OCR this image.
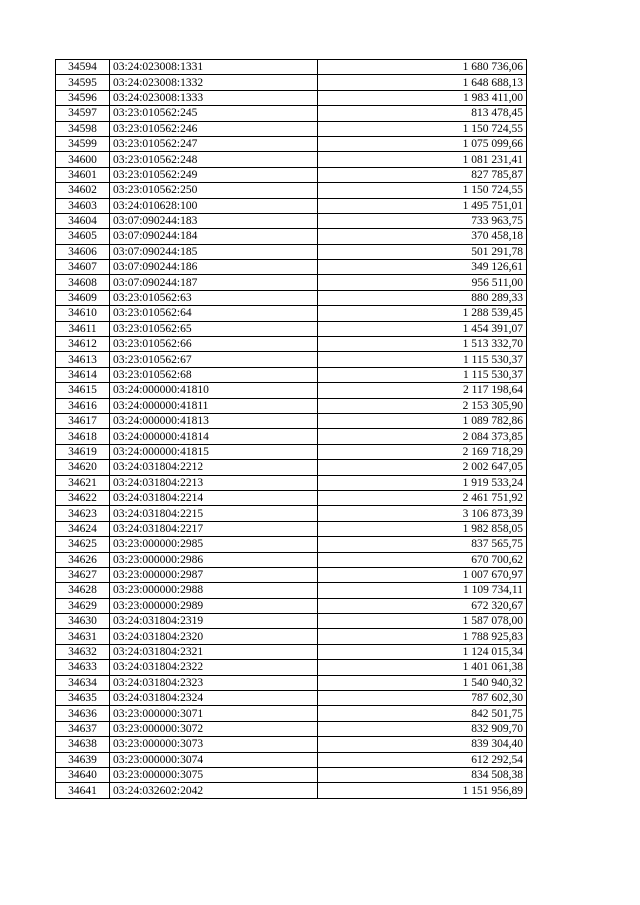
34594	03:24:023008:1331	1 680 736,06
34595	03:24:023008:1332	1 648 688,13
34596	03:24:023008:1333	1 983 411,00
34597	03:23:010562:245	813 478,45
34598	03:23:010562:246	1 150 724,55
34599	03:23:010562:247	1 075 099,66
34600	03:23:010562:248	1 081 231,41
34601	03:23:010562:249	827 785,87
34602	03:23:010562:250	1 150 724,55
34603	03:24:010628:100	1 495 751,01
34604	03:07:090244:183	733 963,75
34605	03:07:090244:184	370 458,18
34606	03:07:090244:185	501 291,78
34607	03:07:090244:186	349 126,61
34608	03:07:090244:187	956 511,00
34609	03:23:010562:63	880 289,33
34610	03:23:010562:64	1 288 539,45
34611	03:23:010562:65	1 454 391,07
34612	03:23:010562:66	1 513 332,70
34613	03:23:010562:67	1 115 530,37
34614	03:23:010562:68	1 115 530,37
34615	03:24:000000:41810	2 117 198,64
34616	03:24:000000:41811	2 153 305,90
34617	03:24:000000:41813	1 089 782,86
34618	03:24:000000:41814	2 084 373,85
34619	03:24:000000:41815	2 169 718,29
34620	03:24:031804:2212	2 002 647,05
34621	03:24:031804:2213	1 919 533,24
34622	03:24:031804:2214	2 461 751,92
34623	03:24:031804:2215	3 106 873,39
34624	03:24:031804:2217	1 982 858,05
34625	03:23:000000:2985	837 565,75
34626	03:23:000000:2986	670 700,62
34627	03:23:000000:2987	1 007 670,97
34628	03:23:000000:2988	1 109 734,11
34629	03:23:000000:2989	672 320,67
34630	03:24:031804:2319	1 587 078,00
34631	03:24:031804:2320	1 788 925,83
34632	03:24:031804:2321	1 124 015,34
34633	03:24:031804:2322	1 401 061,38
34634	03:24:031804:2323	1 540 940,32
34635	03:24:031804:2324	787 602,30
34636	03:23:000000:3071	842 501,75
34637	03:23:000000:3072	832 909,70
34638	03:23:000000:3073	839 304,40
34639	03:23:000000:3074	612 292,54
34640	03:23:000000:3075	834 508,38
34641	03:24:032602:2042	1 151 956,89
